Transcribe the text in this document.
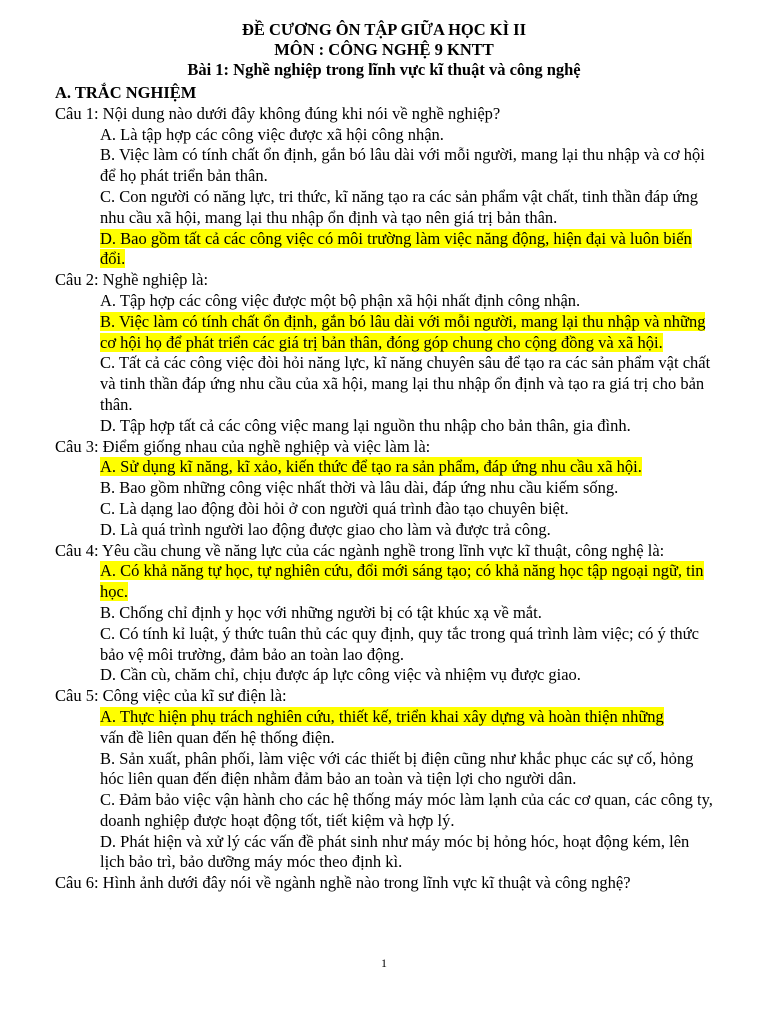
ĐỀ CƯƠNG ÔN TẬP GIỮA HỌC KÌ II
MÔN : CÔNG NGHỆ 9 KNTT
Bài 1: Nghề nghiệp trong lĩnh vực kĩ thuật và công nghệ
A. TRẮC NGHIỆM

Câu 1: Nội dung nào dưới đây không đúng khi nói về nghề nghiệp?

A. Là tập hợp các công việc được xã hội công nhận.

B. Việc làm có tính chất ổn định, gắn bó lâu dài với mỗi người, mang lại thu nhập và cơ hội để họ phát triển bản thân.

C. Con người có năng lực, tri thức, kĩ năng tạo ra các sản phẩm vật chất, tinh thần đáp ứng nhu cầu xã hội, mang lại thu nhập ổn định và tạo nên giá trị bản thân.

D. Bao gồm tất cả các công việc có môi trường làm việc năng động, hiện đại và luôn biến đổi.

Câu 2: Nghề nghiệp là:

A. Tập hợp các công việc được một bộ phận xã hội nhất định công nhận.

B. Việc làm có tính chất ổn định, gắn bó lâu dài với mỗi người, mang lại thu nhập và những cơ hội họ để phát triển các giá trị bản thân, đóng góp chung cho cộng đồng và xã hội.

C. Tất cả các công việc đòi hỏi năng lực, kĩ năng chuyên sâu để tạo ra các sản phẩm vật chất và tinh thần đáp ứng nhu cầu của xã hội, mang lại thu nhập ổn định và tạo ra giá trị cho bản thân.

D. Tập hợp tất cả các công việc mang lại nguồn thu nhập cho bản thân, gia đình.

Câu 3: Điểm giống nhau của nghề nghiệp và việc làm là:

A. Sử dụng kĩ năng, kĩ xảo, kiến thức để tạo ra sản phẩm, đáp ứng nhu cầu xã hội.

B. Bao gồm những công việc nhất thời và lâu dài, đáp ứng nhu cầu kiếm sống.

C. Là dạng lao động đòi hỏi ở con người quá trình đào tạo chuyên biệt.

D. Là quá trình người lao động được giao cho làm và được trả công.

Câu 4: Yêu cầu chung về năng lực của các ngành nghề trong lĩnh vực kĩ thuật, công nghệ là:

A. Có khả năng tự học, tự nghiên cứu, đổi mới sáng tạo; có khả năng học tập ngoại ngữ, tin học.

B. Chống chỉ định y học với những người bị có tật khúc xạ về mắt.

C. Có tính kỉ luật, ý thức tuân thủ các quy định, quy tắc trong quá trình làm việc; có ý thức bảo vệ môi trường, đảm bảo an toàn lao động.

D. Cần cù, chăm chỉ, chịu được áp lực công việc và nhiệm vụ được giao.

Câu 5: Công việc của kĩ sư điện là:

A. Thực hiện phụ trách nghiên cứu, thiết kế, triển khai xây dựng và hoàn thiện những
vấn đề liên quan đến hệ thống điện.

B. Sản xuất, phân phối, làm việc với các thiết bị điện cũng như khắc phục các sự cố, hỏng hóc liên quan đến điện nhằm đảm bảo an toàn và tiện lợi cho người dân.

C. Đảm bảo việc vận hành cho các hệ thống máy móc làm lạnh của các cơ quan, các công ty, doanh nghiệp được hoạt động tốt, tiết kiệm và hợp lý.

D. Phát hiện và xử lý các vấn đề phát sinh như máy móc bị hỏng hóc, hoạt động kém, lên lịch bảo trì, bảo dưỡng máy móc theo định kì.

Câu 6: Hình ảnh dưới đây nói về ngành nghề nào trong lĩnh vực kĩ thuật và công nghệ?

1
